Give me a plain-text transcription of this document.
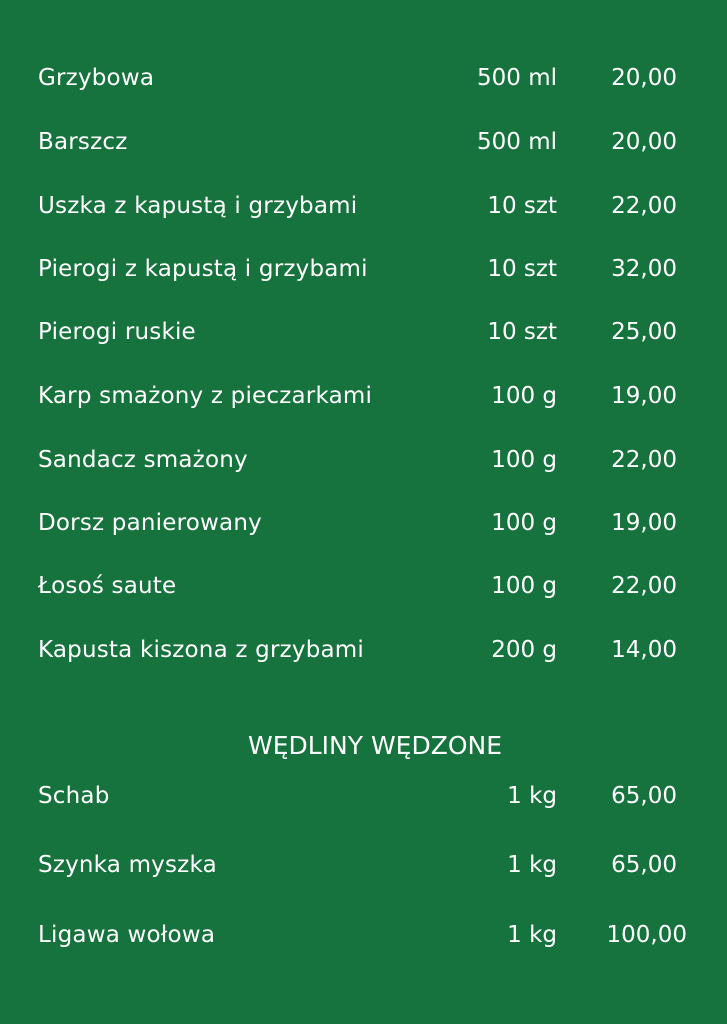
Grzybowa	500 ml 20,00
Barszcz	500 ml 20,00
Uszka z kapustą i grzybami	10 szt 22,00
Pierogi z kapustą i grzybami	10 szt 32,00
Pierogi ruskie	10 szt 25,00
Karp smażony z pieczarkami	100 g 19,00
Sandacz smażony	100 g 22,00
Dorsz panierowany	100 g 19,00
Łosoś saute	100 g 22,00
Kapusta kiszona z grzybami	200 g 14,00
WĘDLINY WĘDZONE
Schab	1 kg 65,00
Szynka myszka	1 kg 65,00
Ligawa wołowa	1 kg 100,00
